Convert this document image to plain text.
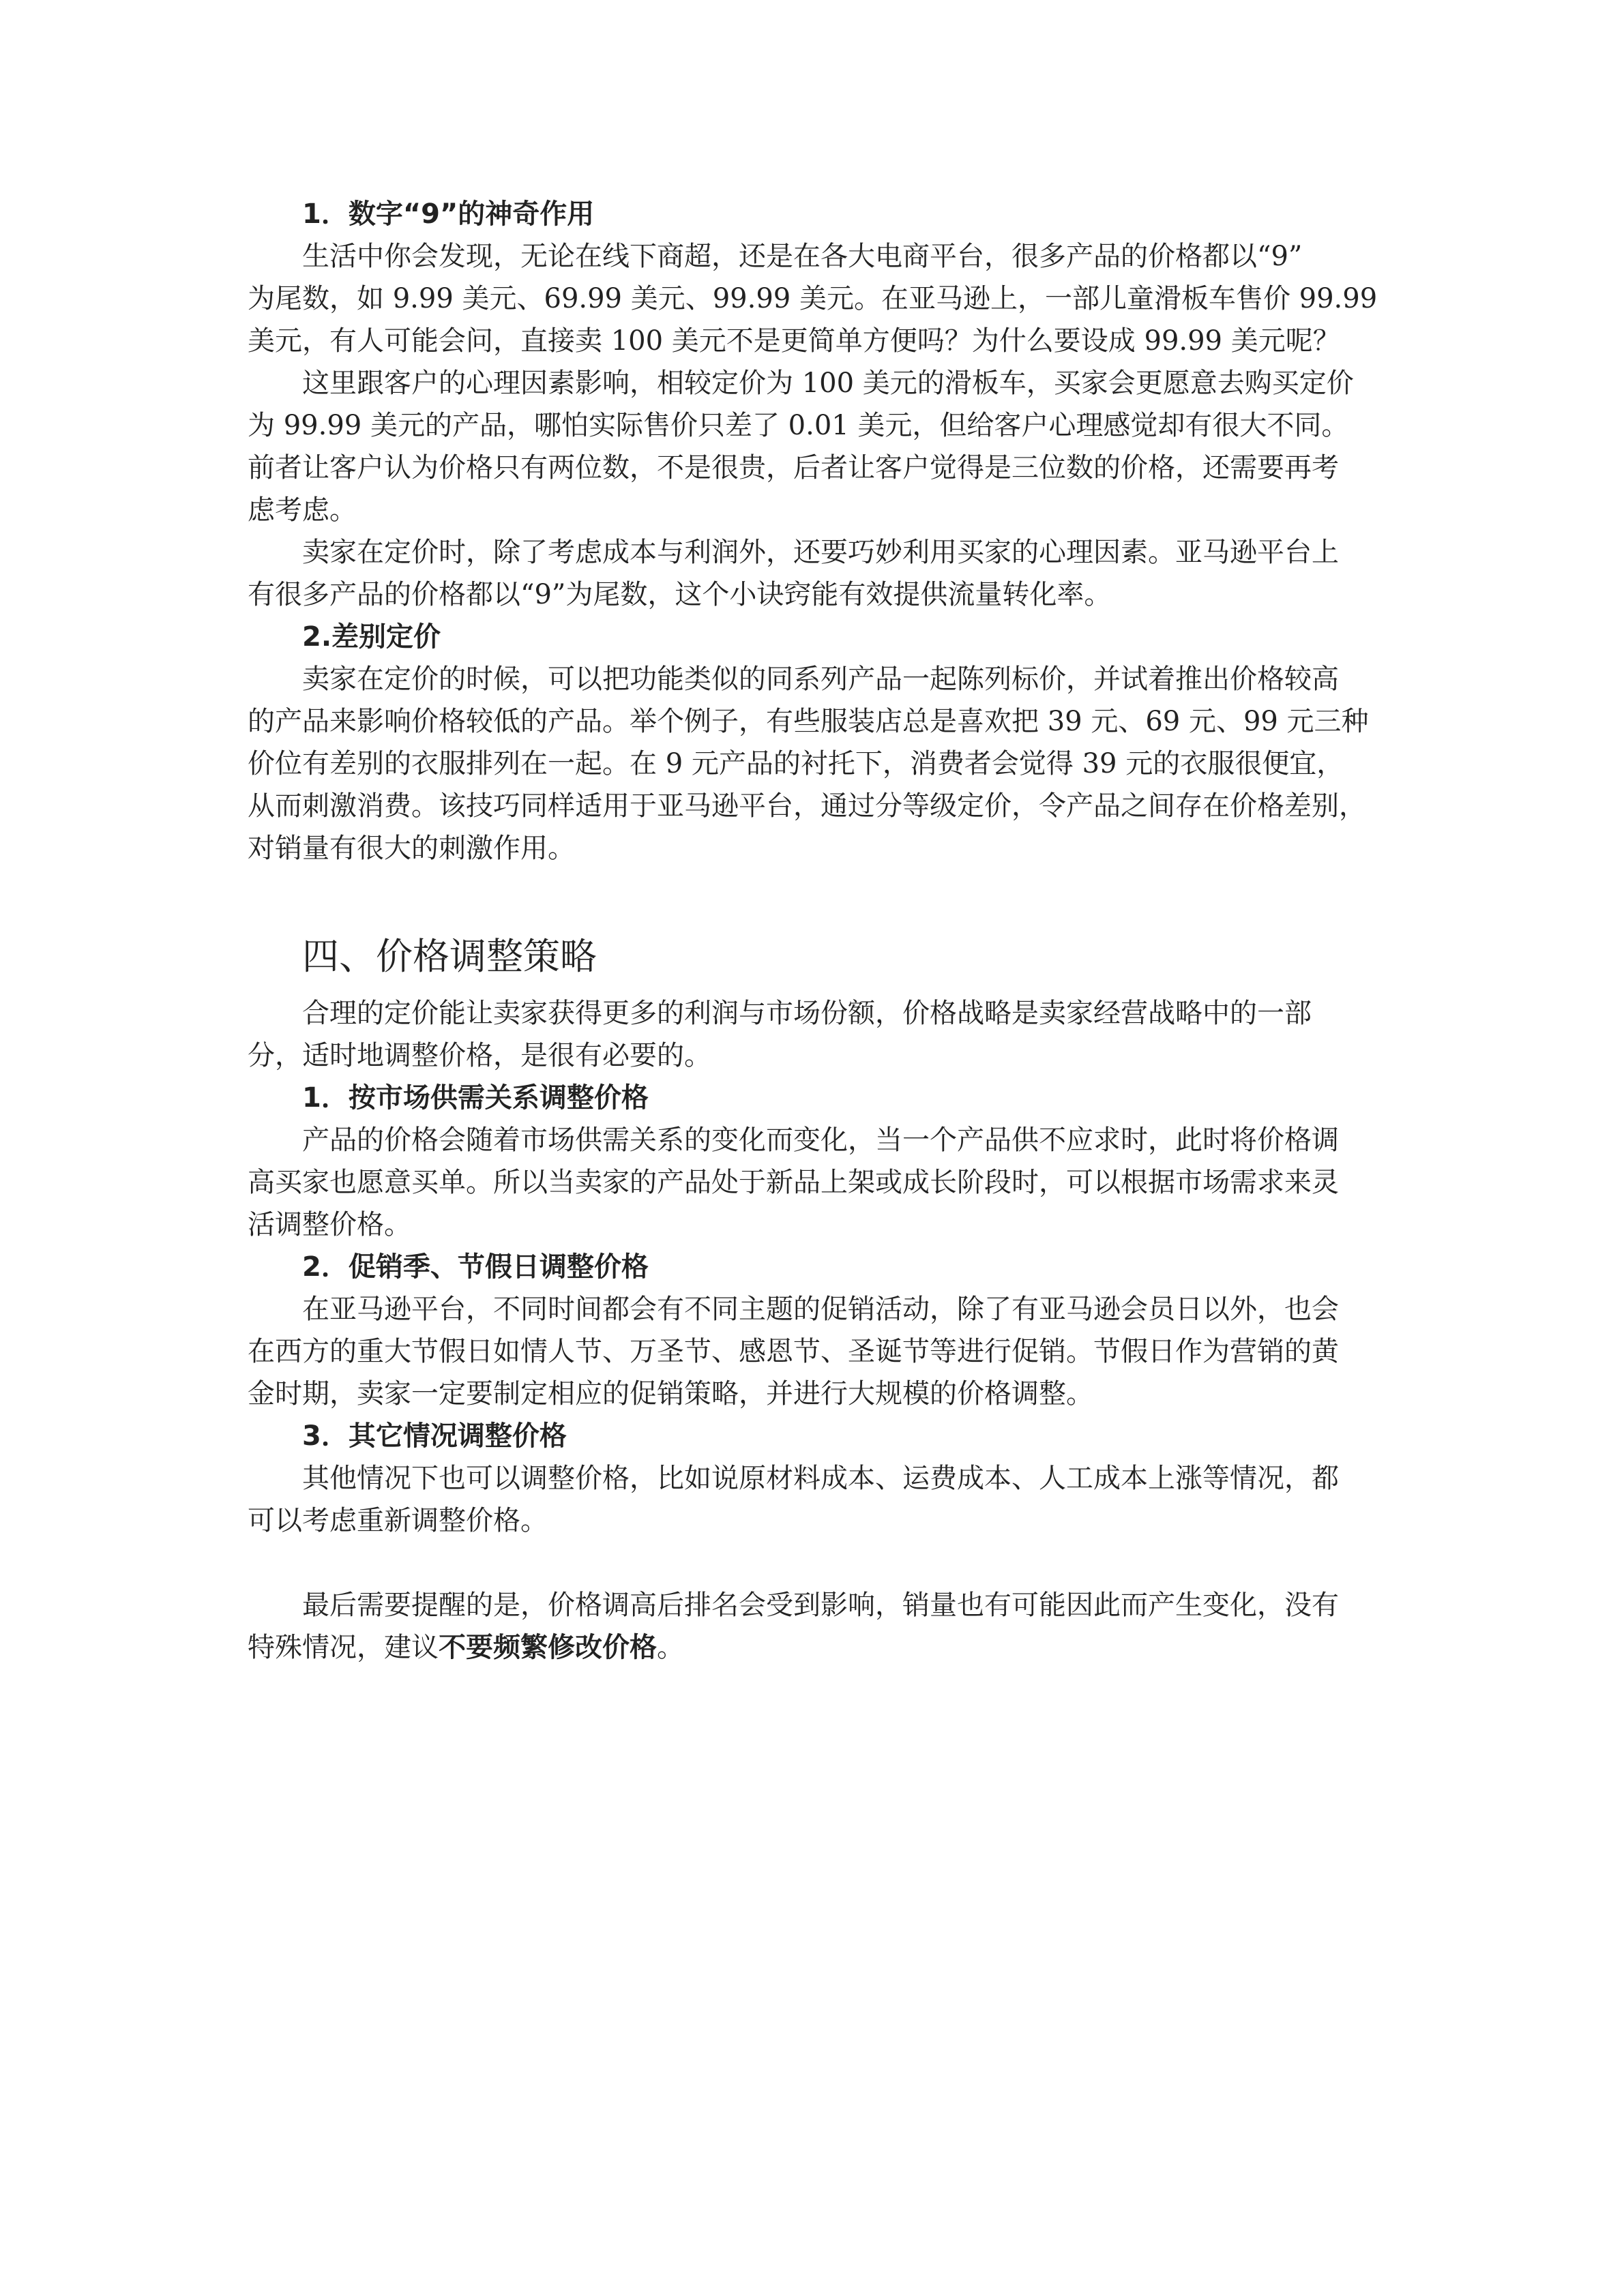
1．数字“9”的神奇作用

生活中你会发现，无论在线下商超，还是在各大电商平台，很多产品的价格都以“9”

为尾数，如 9.99 美元、69.99 美元、99.99 美元。在亚马逊上，一部儿童滑板车售价 99.99

美元，有人可能会问，直接卖 100 美元不是更简单方便吗？为什么要设成 99.99 美元呢？

这里跟客户的心理因素影响，相较定价为 100 美元的滑板车，买家会更愿意去购买定价

为 99.99 美元的产品，哪怕实际售价只差了 0.01 美元，但给客户心理感觉却有很大不同。

前者让客户认为价格只有两位数，不是很贵，后者让客户觉得是三位数的价格，还需要再考

虑考虑。

卖家在定价时，除了考虑成本与利润外，还要巧妙利用买家的心理因素。亚马逊平台上

有很多产品的价格都以“9”为尾数，这个小诀窍能有效提供流量转化率。

2.差别定价

卖家在定价的时候，可以把功能类似的同系列产品一起陈列标价，并试着推出价格较高

的产品来影响价格较低的产品。举个例子，有些服装店总是喜欢把 39 元、69 元、99 元三种

价位有差别的衣服排列在一起。在 9 元产品的衬托下，消费者会觉得 39 元的衣服很便宜，

从而刺激消费。该技巧同样适用于亚马逊平台，通过分等级定价，令产品之间存在价格差别，

对销量有很大的刺激作用。

四、价格调整策略

合理的定价能让卖家获得更多的利润与市场份额，价格战略是卖家经营战略中的一部

分，适时地调整价格，是很有必要的。

1．按市场供需关系调整价格

产品的价格会随着市场供需关系的变化而变化，当一个产品供不应求时，此时将价格调

高买家也愿意买单。所以当卖家的产品处于新品上架或成长阶段时，可以根据市场需求来灵

活调整价格。

2．促销季、节假日调整价格

在亚马逊平台，不同时间都会有不同主题的促销活动，除了有亚马逊会员日以外，也会

在西方的重大节假日如情人节、万圣节、感恩节、圣诞节等进行促销。节假日作为营销的黄

金时期，卖家一定要制定相应的促销策略，并进行大规模的价格调整。

3．其它情况调整价格

其他情况下也可以调整价格，比如说原材料成本、运费成本、人工成本上涨等情况，都

可以考虑重新调整价格。

最后需要提醒的是，价格调高后排名会受到影响，销量也有可能因此而产生变化，没有

特殊情况，建议不要频繁修改价格。
